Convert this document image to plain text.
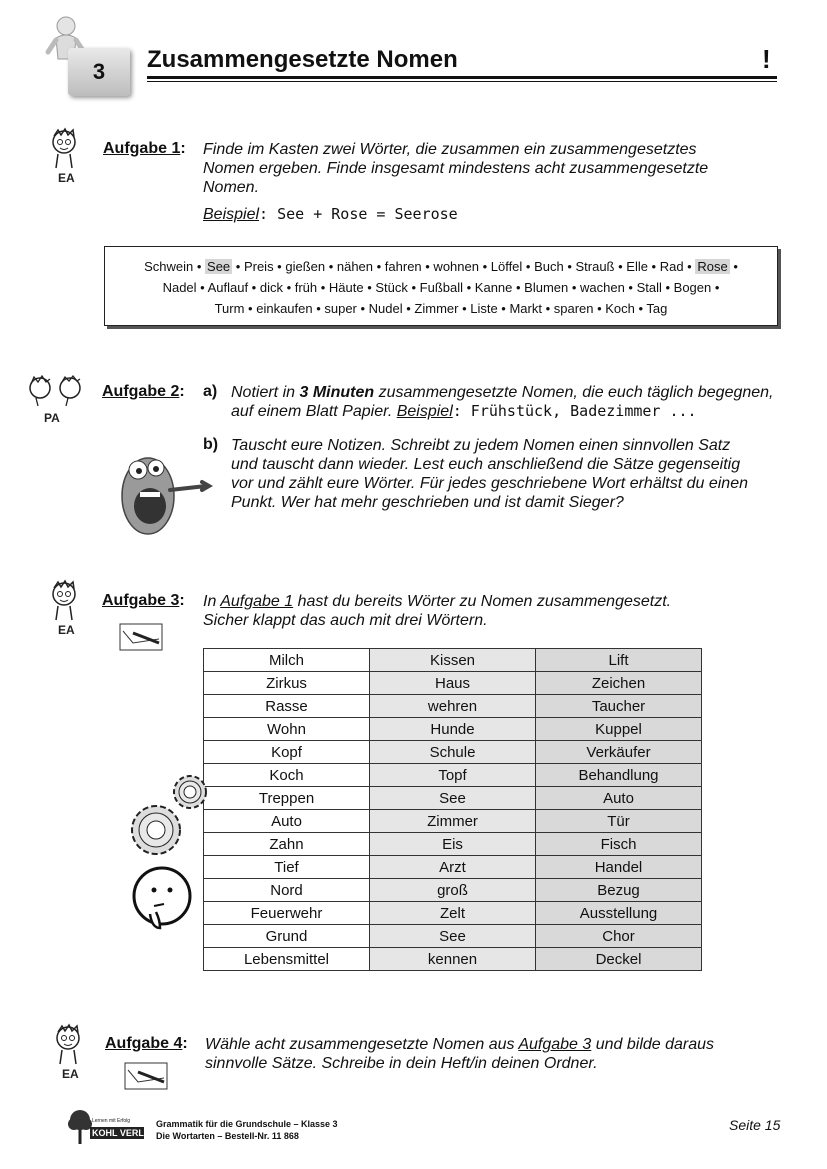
3 Zusammengesetzte Nomen	!
EA
Aufgabe 1: Finde im Kasten zwei Wörter, die zusammen ein zusammengesetztes
Nomen ergeben. Finde insgesamt mindestens acht zusammengesetzte
Nomen.
Beispiel: See + Rose = Seerose
Schwein • See • Preis • gießen • nähen • fahren • wohnen • Löffel • Buch • Strauß • Elle • Rad • Rose •
Nadel • Auflauf • dick • früh • Häute • Stück • Fußball • Kanne • Blumen • wachen • Stall • Bogen •
Turm • einkaufen • super • Nudel • Zimmer • Liste • Markt • sparen • Koch • Tag
PA
Aufgabe 2: a) Notiert in 3 Minuten zusammengesetzte Nomen, die euch täglich begegnen,
auf einem Blatt Papier. Beispiel: Frühstück, Badezimmer ...
b) Tauscht eure Notizen. Schreibt zu jedem Nomen einen sinnvollen Satz
und tauscht dann wieder. Lest euch anschließend die Sätze gegenseitig
vor und zählt eure Wörter. Für jedes geschriebene Wort erhältst du einen
Punkt. Wer hat mehr geschrieben und ist damit Sieger?
EA
Aufgabe 3: In Aufgabe 1 hast du bereits Wörter zu Nomen zusammengesetzt.
Sicher klappt das auch mit drei Wörtern.
Milch	Kissen	Lift
Zirkus	Haus	Zeichen
Rasse	wehren	Taucher
Wohn	Hunde	Kuppel
Kopf	Schule	Verkäufer
Koch	Topf	Behandlung
Treppen	See	Auto
Auto	Zimmer	Tür
Zahn	Eis	Fisch
Tief	Arzt	Handel
Nord	groß	Bezug
Feuerwehr	Zelt	Ausstellung
Grund	See	Chor
Lebensmittel	kennen	Deckel
EA
Aufgabe 4: Wähle acht zusammengesetzte Nomen aus Aufgabe 3 und bilde daraus
sinnvolle Sätze. Schreibe in dein Heft/in deinen Ordner.
Lernen mit Erfolg
KOHL VERLAG
Grammatik für die Grundschule – Klasse 3
Die Wortarten – Bestell-Nr. 11 868
Seite 15
